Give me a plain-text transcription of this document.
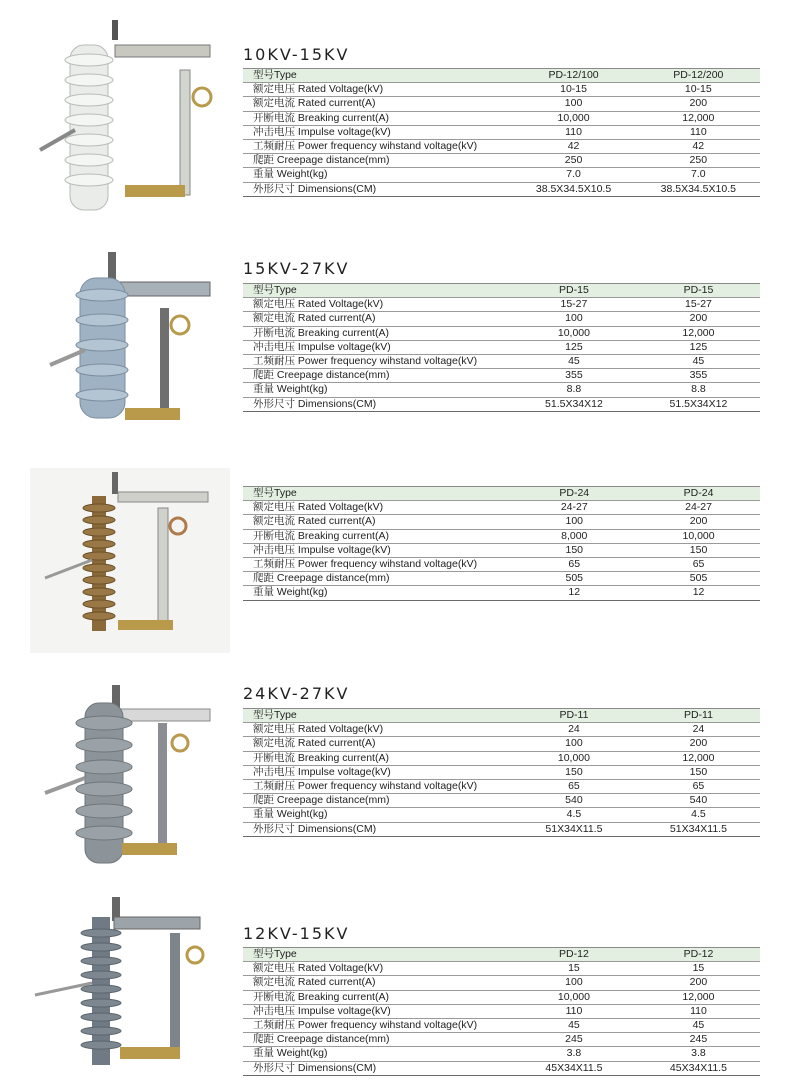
10KV-15KV
型号Type	PD-12/100	PD-12/200
额定电压 Rated Voltage(kV)	10-15	10-15
额定电流 Rated current(A)	100	200
开断电流 Breaking current(A)	10,000	12,000
冲击电压 Impulse voltage(kV)	110	110
工频耐压 Power frequency wihstand voltage(kV)	42	42
爬距 Creepage distance(mm)	250	250
重量 Weight(kg)	7.0	7.0
外形尺寸 Dimensions(CM)	38.5X34.5X10.5	38.5X34.5X10.5
15KV-27KV
型号Type	PD-15	PD-15
额定电压 Rated Voltage(kV)	15-27	15-27
额定电流 Rated current(A)	100	200
开断电流 Breaking current(A)	10,000	12,000
冲击电压 Impulse voltage(kV)	125	125
工频耐压 Power frequency wihstand voltage(kV)	45	45
爬距 Creepage distance(mm)	355	355
重量 Weight(kg)	8.8	8.8
外形尺寸 Dimensions(CM)	51.5X34X12	51.5X34X12
型号Type	PD-24	PD-24
额定电压 Rated Voltage(kV)	24-27	24-27
额定电流 Rated current(A)	100	200
开断电流 Breaking current(A)	8,000	10,000
冲击电压 Impulse voltage(kV)	150	150
工频耐压 Power frequency wihstand voltage(kV)	65	65
爬距 Creepage distance(mm)	505	505
重量 Weight(kg)	12	12
24KV-27KV
型号Type	PD-11	PD-11
额定电压 Rated Voltage(kV)	24	24
额定电流 Rated current(A)	100	200
开断电流 Breaking current(A)	10,000	12,000
冲击电压 Impulse voltage(kV)	150	150
工频耐压 Power frequency wihstand voltage(kV)	65	65
爬距 Creepage distance(mm)	540	540
重量 Weight(kg)	4.5	4.5
外形尺寸 Dimensions(CM)	51X34X11.5	51X34X11.5
12KV-15KV
型号Type	PD-12	PD-12
额定电压 Rated Voltage(kV)	15	15
额定电流 Rated current(A)	100	200
开断电流 Breaking current(A)	10,000	12,000
冲击电压 Impulse voltage(kV)	110	110
工频耐压 Power frequency wihstand voltage(kV)	45	45
爬距 Creepage distance(mm)	245	245
重量 Weight(kg)	3.8	3.8
外形尺寸 Dimensions(CM)	45X34X11.5	45X34X11.5
